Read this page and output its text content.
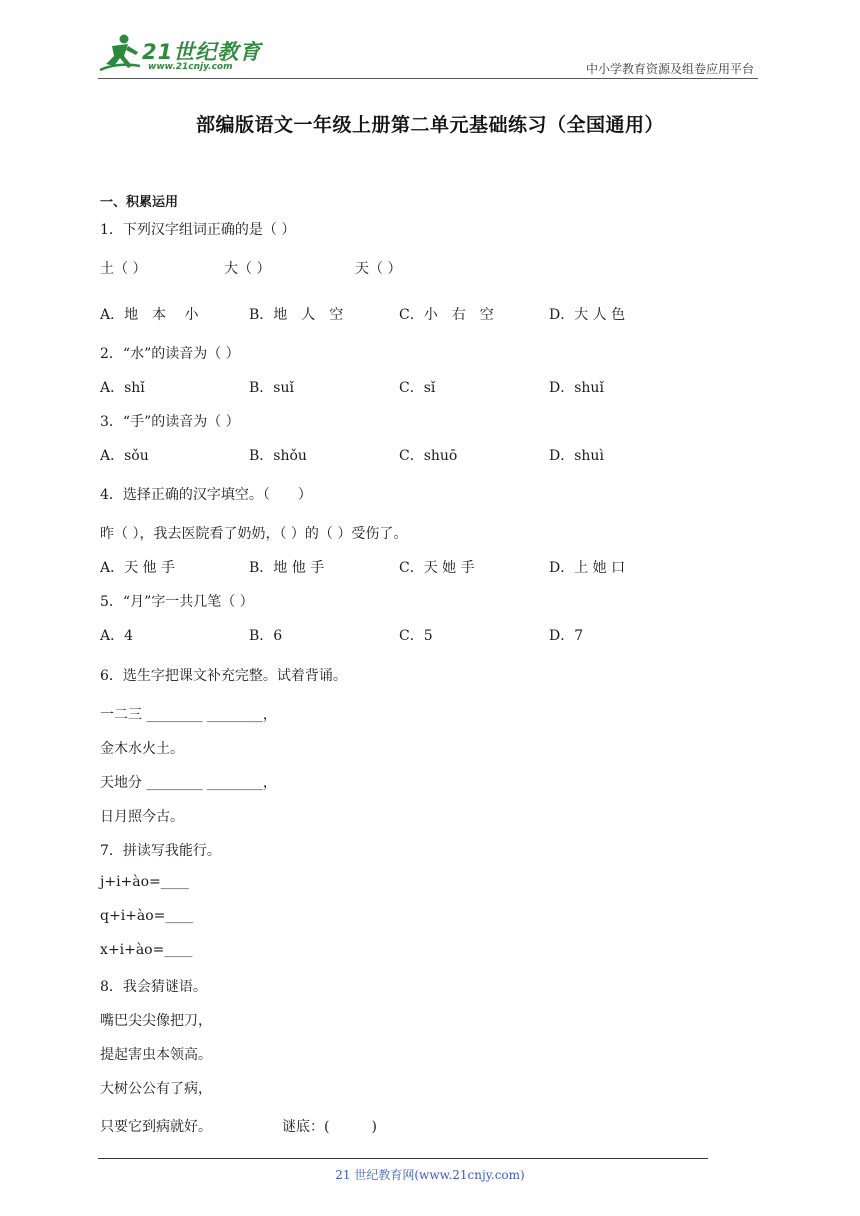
21世纪教育
www.21cnjy.com	中小学教育资源及组卷应用平台
部编版语文一年级上册第二单元基础练习（全国通用）
一、积累运用
1．下列汉字组词正确的是（ ）
土（ ）	大（ ）	天（ ）
A．地　本　 小	B．地　人　空	C．小　右　空	D．大 人 色
2．“水”的读音为（ ）
A．shǐ	B．suǐ	C．sǐ	D．shuǐ
3．“手”的读音为（ ）
A．sǒu	B．shǒu	C．shuō	D．shuì
4．选择正确的汉字填空。（　　）
昨（ ），我去医院看了奶奶，（ ）的（ ）受伤了。
A．天 他 手	B．地 他 手	C．天 她 手	D．上 她 口
5．“月”字一共几笔（ ）
A．4	B．6	C．5	D．7
6．选生字把课文补充完整。试着背诵。
一二三 ________ ________，
金木水火土。
天地分 ________ ________，
日月照今古。
7．拼读写我能行。
j+i+ào=____
q+i+ào=____
x+i+ào=____
8．我会猜谜语。
嘴巴尖尖像把刀，
提起害虫本领高。
大树公公有了病，
只要它到病就好。	谜底：(　　　)
21 世纪教育网(www.21cnjy.com)
